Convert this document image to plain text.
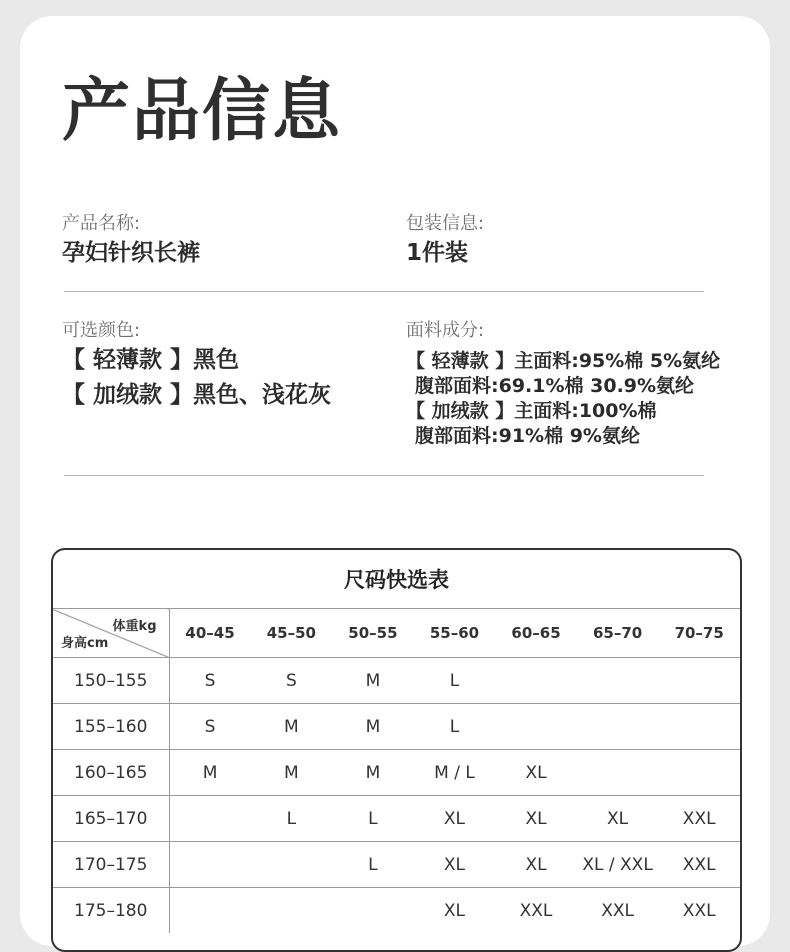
产品信息
产品名称:
孕妇针织长裤
包装信息:
1件装
可选颜色:
【 轻薄款 】黑色
【 加绒款 】黑色、浅花灰
面料成分:
【 轻薄款 】主面料:95%棉 5%氨纶
腹部面料:69.1%棉 30.9%氨纶
【 加绒款 】主面料:100%棉
腹部面料:91%棉 9%氨纶
尺码快选表
体重kg
身高cm	40–45	45–50	50–55	55–60	60–65	65–70	70–75
150–155	S	S	M	L			
155–160	S	M	M	L			
160–165	M	M	M	M / L	XL		
165–170		L	L	XL	XL	XL	XXL
170–175			L	XL	XL	XL / XXL	XXL
175–180				XL	XXL	XXL	XXL
